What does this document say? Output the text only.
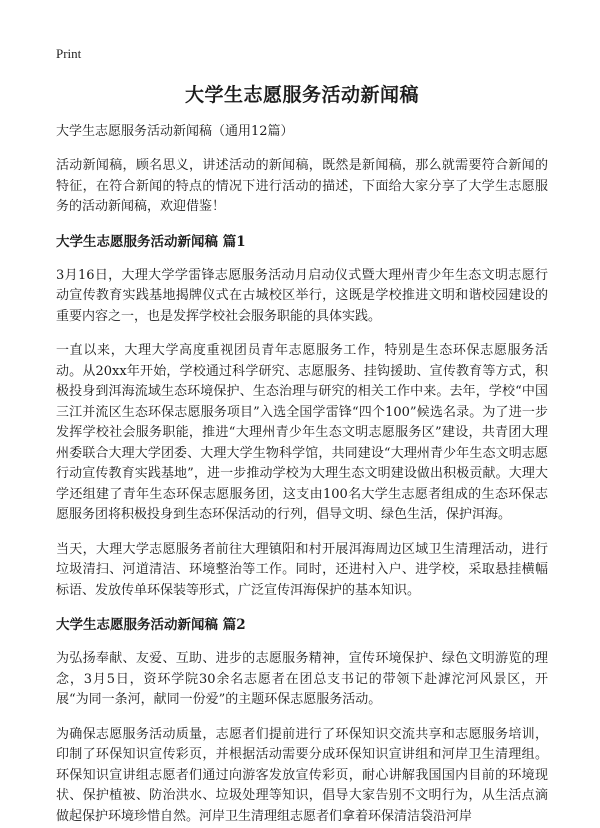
Print
大学生志愿服务活动新闻稿
大学生志愿服务活动新闻稿（通用12篇）

活动新闻稿，顾名思义，讲述活动的新闻稿，既然是新闻稿，那么就需要符合新闻的特征，在符合新闻的特点的情况下进行活动的描述，下面给大家分享了大学生志愿服务的活动新闻稿，欢迎借鉴！

大学生志愿服务活动新闻稿 篇1

3月16日，大理大学学雷锋志愿服务活动月启动仪式暨大理州青少年生态文明志愿行动宣传教育实践基地揭牌仪式在古城校区举行，这既是学校推进文明和谐校园建设的重要内容之一，也是发挥学校社会服务职能的具体实践。

一直以来，大理大学高度重视团员青年志愿服务工作，特别是生态环保志愿服务活动。从20xx年开始，学校通过科学研究、志愿服务、挂钩援助、宣传教育等方式，积极投身到洱海流域生态环境保护、生态治理与研究的相关工作中来。去年，学校“中国三江并流区生态环保志愿服务项目”入选全国学雷锋“四个100”候选名录。为了进一步发挥学校社会服务职能，推进“大理州青少年生态文明志愿服务区”建设，共青团大理州委联合大理大学团委、大理大学生物科学馆，共同建设“大理州青少年生态文明志愿行动宣传教育实践基地”，进一步推动学校为大理生态文明建设做出积极贡献。大理大学还组建了青年生态环保志愿服务团，这支由100名大学生志愿者组成的生态环保志愿服务团将积极投身到生态环保活动的行列，倡导文明、绿色生活，保护洱海。

当天，大理大学志愿服务者前往大理镇阳和村开展洱海周边区域卫生清理活动，进行垃圾清扫、河道清洁、环境整治等工作。同时，还进村入户、进学校，采取悬挂横幅标语、发放传单环保装等形式，广泛宣传洱海保护的基本知识。

大学生志愿服务活动新闻稿 篇2

为弘扬奉献、友爱、互助、进步的志愿服务精神，宣传环境保护、绿色文明游览的理念，3月5日，资环学院30余名志愿者在团总支书记的带领下赴滹沱河风景区，开展“为同一条河，献同一份爱”的主题环保志愿服务活动。

为确保志愿服务活动质量，志愿者们提前进行了环保知识交流共享和志愿服务培训，印制了环保知识宣传彩页，并根据活动需要分成环保知识宣讲组和河岸卫生清理组。环保知识宣讲组志愿者们通过向游客发放宣传彩页，耐心讲解我国国内目前的环境现状、保护植被、防治洪水、垃圾处理等知识，倡导大家告别不文明行为，从生活点滴做起保护环境珍惜自然。河岸卫生清理组志愿者们拿着环保清洁袋沿河岸
